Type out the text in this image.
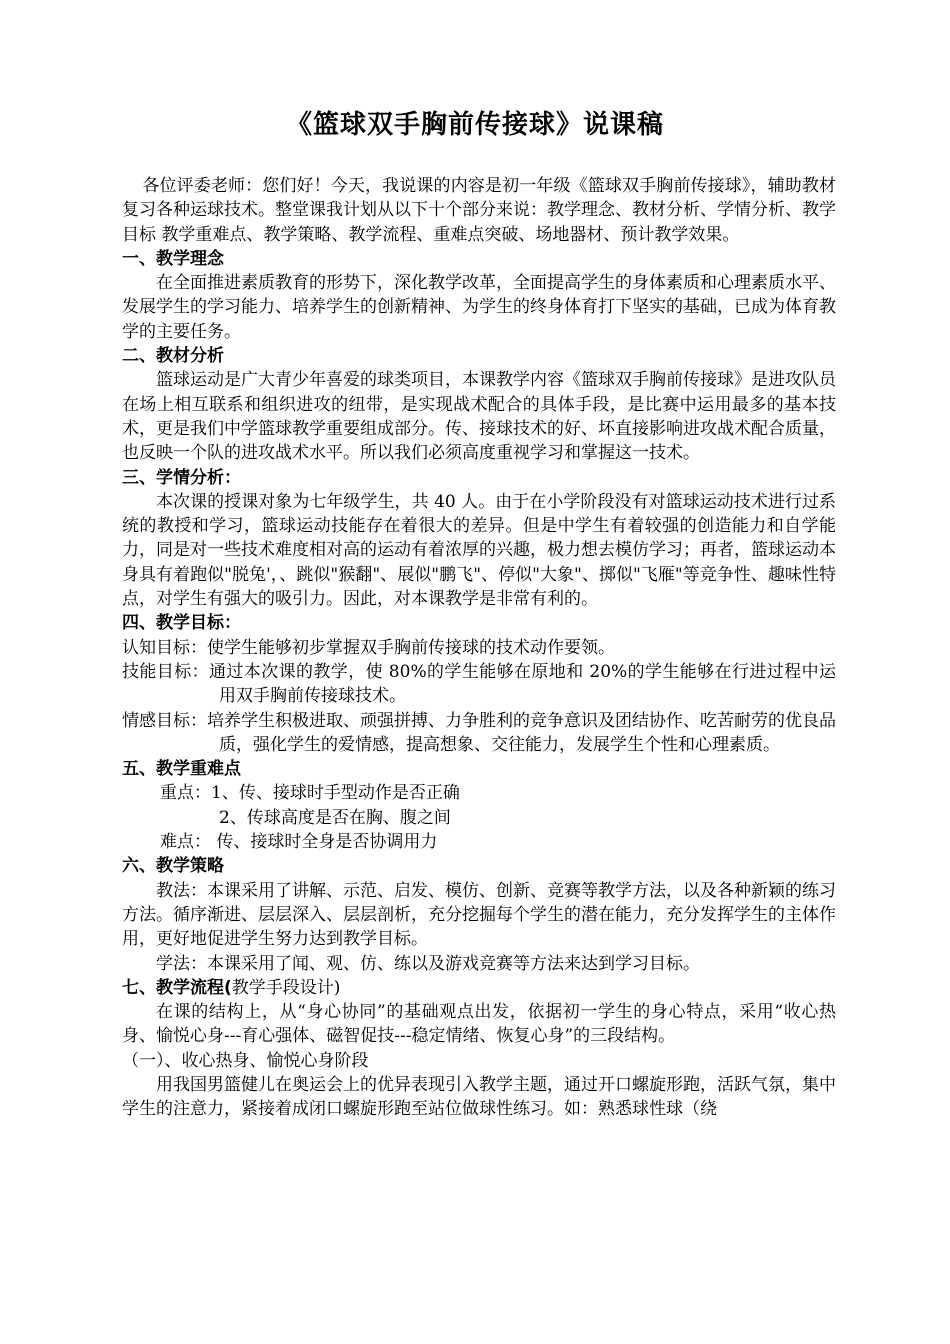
《篮球双手胸前传接球》说课稿

各位评委老师：您们好！今天，我说课的内容是初一年级《篮球双手胸前传接球》，辅助教材复习各种运球技术。整堂课我计划从以下十个部分来说：教学理念、教材分析、学情分析、教学目标 教学重难点、教学策略、教学流程、重难点突破、场地器材、预计教学效果。

一、教学理念

在全面推进素质教育的形势下，深化教学改革，全面提高学生的身体素质和心理素质水平、发展学生的学习能力、培养学生的创新精神、为学生的终身体育打下坚实的基础，已成为体育教学的主要任务。

二、教材分析

篮球运动是广大青少年喜爱的球类项目，本课教学内容《篮球双手胸前传接球》是进攻队员在场上相互联系和组织进攻的纽带，是实现战术配合的具体手段，是比赛中运用最多的基本技术，更是我们中学篮球教学重要组成部分。传、接球技术的好、坏直接影响进攻战术配合质量，也反映一个队的进攻战术水平。所以我们必须高度重视学习和掌握这一技术。

三、学情分析：

本次课的授课对象为七年级学生，共 40 人。由于在小学阶段没有对篮球运动技术进行过系统的教授和学习，篮球运动技能存在着很大的差异。但是中学生有着较强的创造能力和自学能力，同是对一些技术难度相对高的运动有着浓厚的兴趣，极力想去模仿学习；再者，篮球运动本身具有着跑似"脱兔'，、跳似"猴翻"、展似"鹏飞"、停似"大象"、掷似"飞雁"等竞争性、趣味性特点，对学生有强大的吸引力。因此，对本课教学是非常有利的。

四、教学目标：

认知目标：使学生能够初步掌握双手胸前传接球的技术动作要领。

技能目标：通过本次课的教学，使 80%的学生能够在原地和 20%的学生能够在行进过程中运用双手胸前传接球技术。

情感目标：培养学生积极进取、顽强拼搏、力争胜利的竞争意识及团结协作、吃苦耐劳的优良品质，强化学生的爱情感，提高想象、交往能力，发展学生个性和心理素质。

五、教学重难点

重点：1、传、接球时手型动作是否正确

2、传球高度是否在胸、腹之间

难点： 传、接球时全身是否协调用力

六、教学策略

教法：本课采用了讲解、示范、启发、模仿、创新、竞赛等教学方法，以及各种新颖的练习方法。循序渐进、层层深入、层层剖析，充分挖掘每个学生的潜在能力，充分发挥学生的主体作用，更好地促进学生努力达到教学目标。

学法：本课采用了闻、观、仿、练以及游戏竞赛等方法来达到学习目标。

七、教学流程(教学手段设计)

在课的结构上，从“身心协同”的基础观点出发，依据初一学生的身心特点，采用“收心热身、愉悦心身---育心强体、磁智促技---稳定情绪、恢复心身”的三段结构。

（一）、收心热身、愉悦心身阶段

用我国男篮健儿在奥运会上的优异表现引入教学主题，通过开口螺旋形跑，活跃气氛，集中学生的注意力，紧接着成闭口螺旋形跑至站位做球性练习。如：熟悉球性球（绕
